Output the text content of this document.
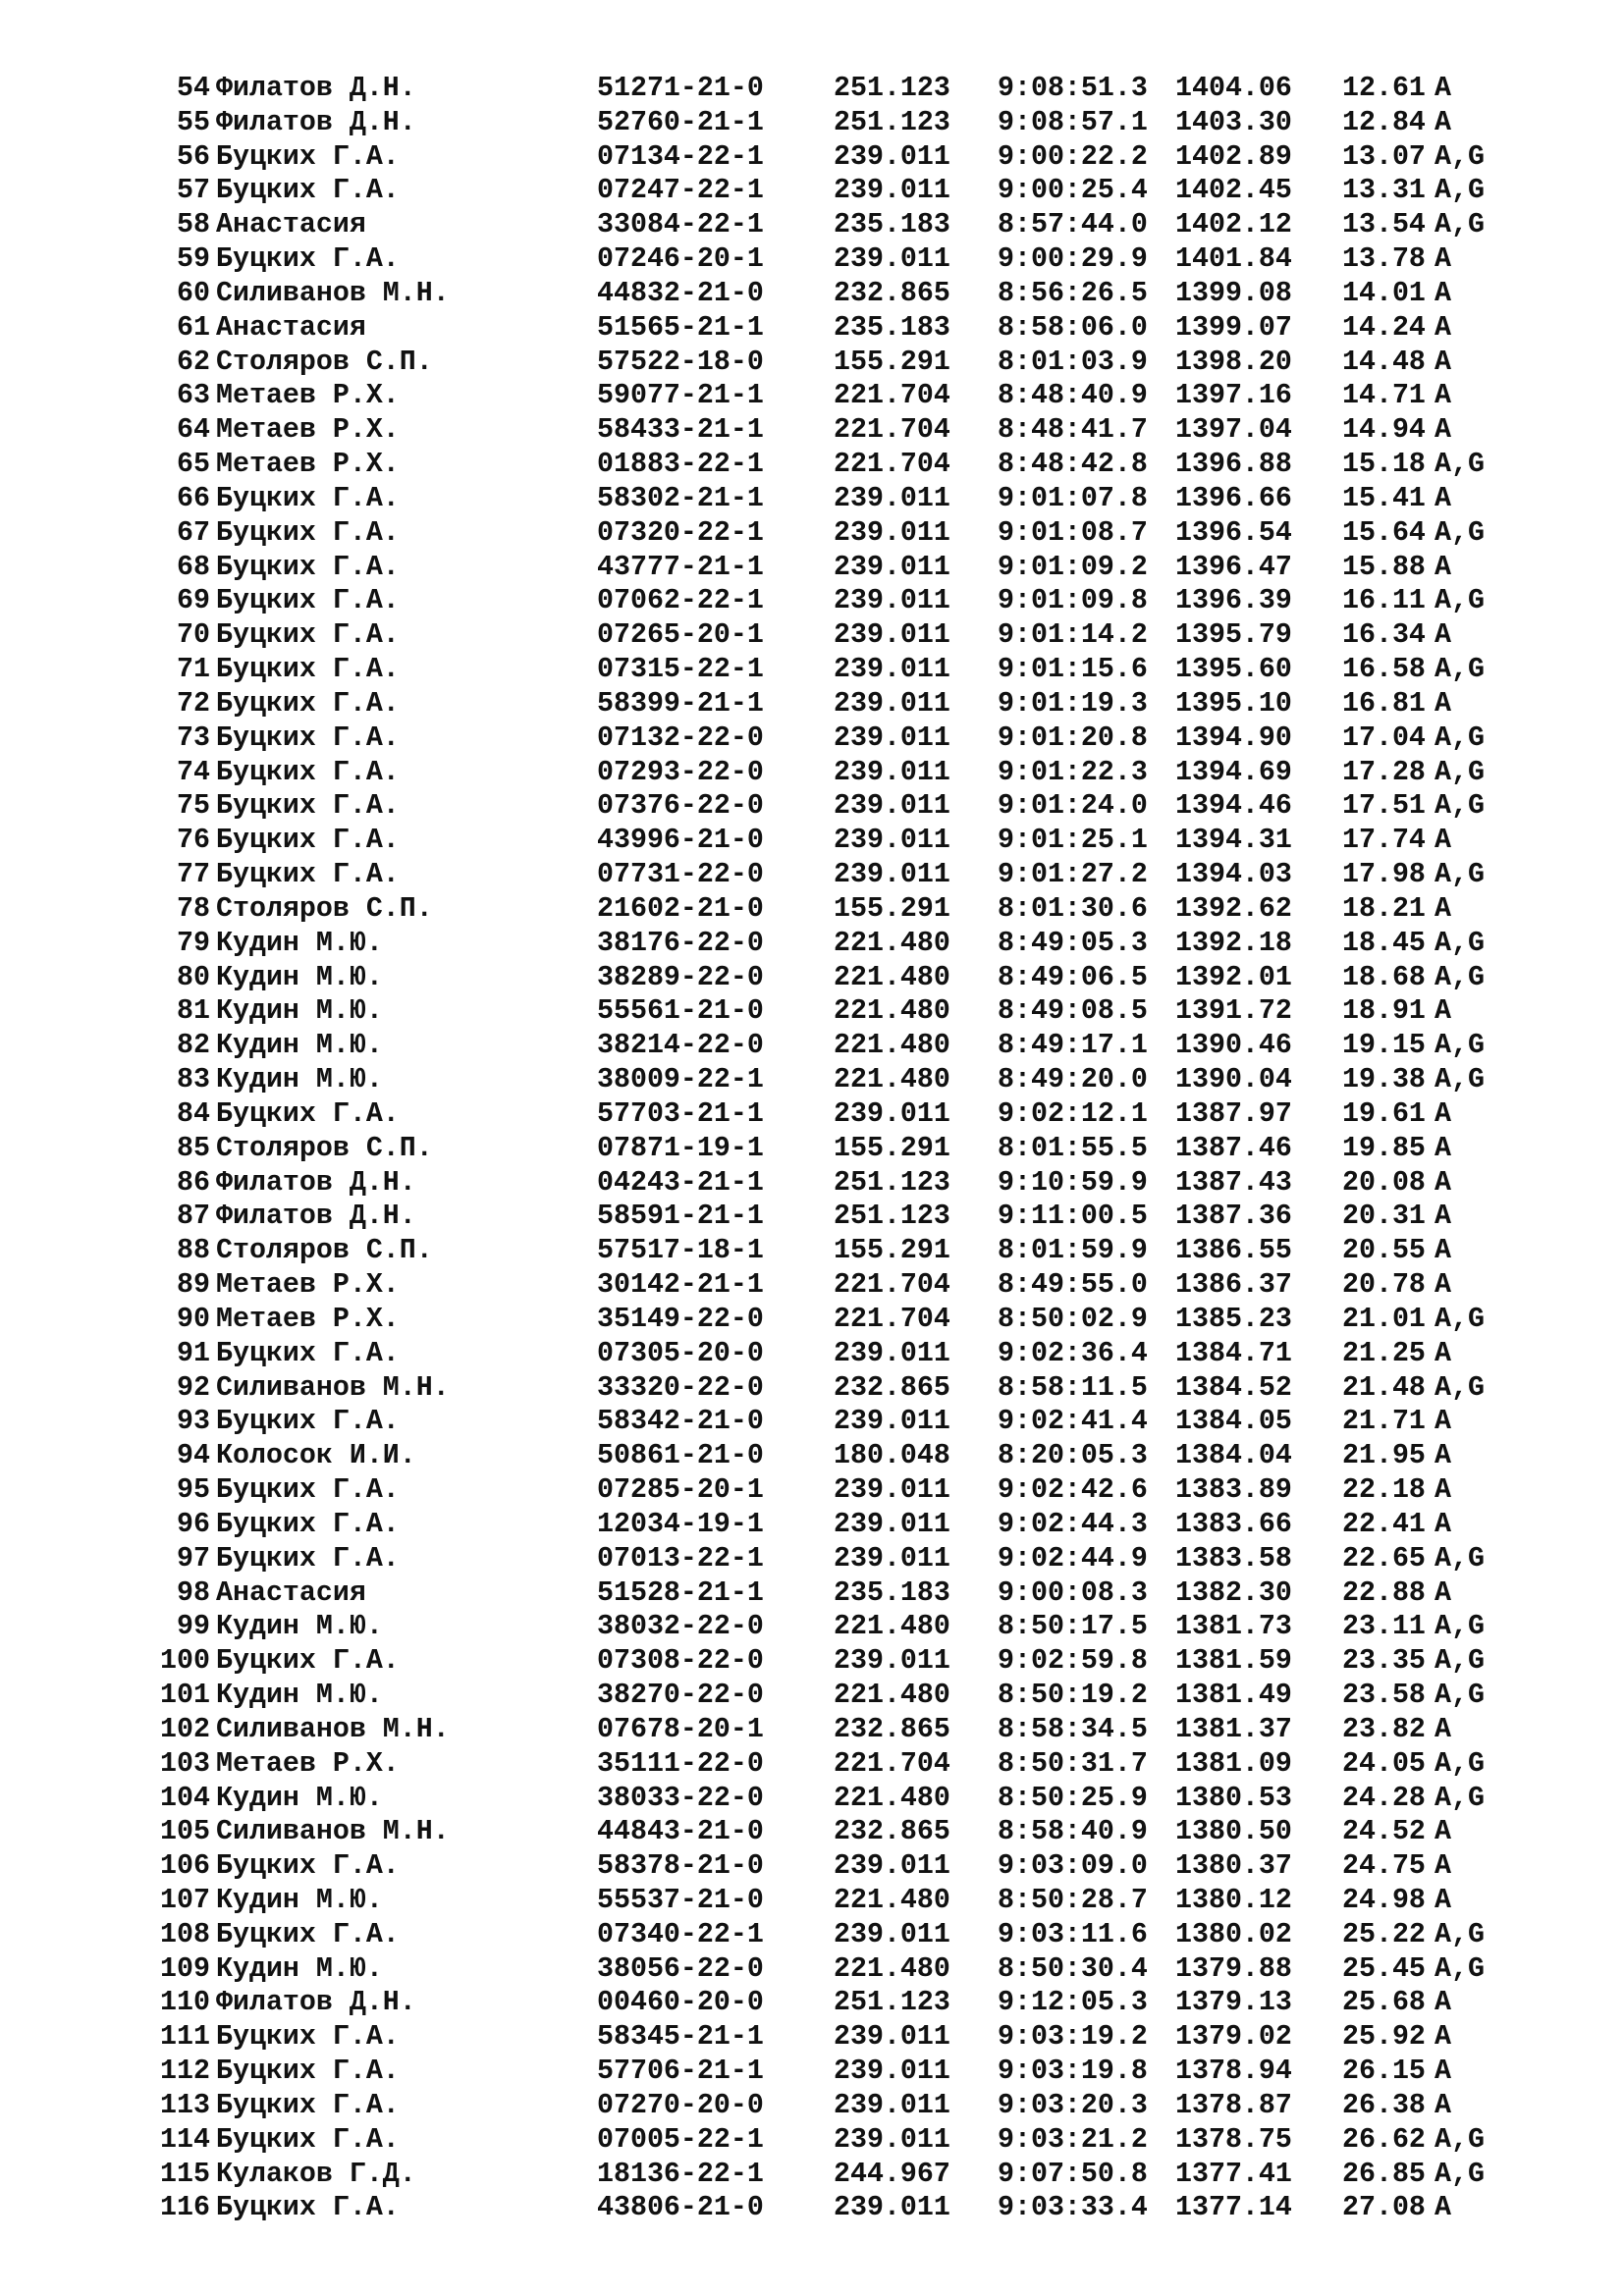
54 Филатов Д.Н.	51271-21-0	251.123 9:08:51.3 1404.06 12.61 A
55 Филатов Д.Н.	52760-21-1	251.123 9:08:57.1 1403.30 12.84 A
56 Буцких Г.А.	07134-22-1	239.011 9:00:22.2 1402.89 13.07 A,G
57 Буцких Г.А.	07247-22-1	239.011 9:00:25.4 1402.45 13.31 A,G
58 Анастасия	33084-22-1	235.183 8:57:44.0 1402.12 13.54 A,G
59 Буцких Г.А.	07246-20-1	239.011 9:00:29.9 1401.84 13.78 A
60 Силиванов М.Н.	44832-21-0	232.865 8:56:26.5 1399.08 14.01 A
61 Анастасия	51565-21-1	235.183 8:58:06.0 1399.07 14.24 A
62 Столяров С.П.	57522-18-0	155.291 8:01:03.9 1398.20 14.48 A
63 Метаев Р.Х.	59077-21-1	221.704 8:48:40.9 1397.16 14.71 A
64 Метаев Р.Х.	58433-21-1	221.704 8:48:41.7 1397.04 14.94 A
65 Метаев Р.Х.	01883-22-1	221.704 8:48:42.8 1396.88 15.18 A,G
66 Буцких Г.А.	58302-21-1	239.011 9:01:07.8 1396.66 15.41 A
67 Буцких Г.А.	07320-22-1	239.011 9:01:08.7 1396.54 15.64 A,G
68 Буцких Г.А.	43777-21-1	239.011 9:01:09.2 1396.47 15.88 A
69 Буцких Г.А.	07062-22-1	239.011 9:01:09.8 1396.39 16.11 A,G
70 Буцких Г.А.	07265-20-1	239.011 9:01:14.2 1395.79 16.34 A
71 Буцких Г.А.	07315-22-1	239.011 9:01:15.6 1395.60 16.58 A,G
72 Буцких Г.А.	58399-21-1	239.011 9:01:19.3 1395.10 16.81 A
73 Буцких Г.А.	07132-22-0	239.011 9:01:20.8 1394.90 17.04 A,G
74 Буцких Г.А.	07293-22-0	239.011 9:01:22.3 1394.69 17.28 A,G
75 Буцких Г.А.	07376-22-0	239.011 9:01:24.0 1394.46 17.51 A,G
76 Буцких Г.А.	43996-21-0	239.011 9:01:25.1 1394.31 17.74 A
77 Буцких Г.А.	07731-22-0	239.011 9:01:27.2 1394.03 17.98 A,G
78 Столяров С.П.	21602-21-0	155.291 8:01:30.6 1392.62 18.21 A
79 Кудин М.Ю.	38176-22-0	221.480 8:49:05.3 1392.18 18.45 A,G
80 Кудин М.Ю.	38289-22-0	221.480 8:49:06.5 1392.01 18.68 A,G
81 Кудин М.Ю.	55561-21-0	221.480 8:49:08.5 1391.72 18.91 A
82 Кудин М.Ю.	38214-22-0	221.480 8:49:17.1 1390.46 19.15 A,G
83 Кудин М.Ю.	38009-22-1	221.480 8:49:20.0 1390.04 19.38 A,G
84 Буцких Г.А.	57703-21-1	239.011 9:02:12.1 1387.97 19.61 A
85 Столяров С.П.	07871-19-1	155.291 8:01:55.5 1387.46 19.85 A
86 Филатов Д.Н.	04243-21-1	251.123 9:10:59.9 1387.43 20.08 A
87 Филатов Д.Н.	58591-21-1	251.123 9:11:00.5 1387.36 20.31 A
88 Столяров С.П.	57517-18-1	155.291 8:01:59.9 1386.55 20.55 A
89 Метаев Р.Х.	30142-21-1	221.704 8:49:55.0 1386.37 20.78 A
90 Метаев Р.Х.	35149-22-0	221.704 8:50:02.9 1385.23 21.01 A,G
91 Буцких Г.А.	07305-20-0	239.011 9:02:36.4 1384.71 21.25 A
92 Силиванов М.Н.	33320-22-0	232.865 8:58:11.5 1384.52 21.48 A,G
93 Буцких Г.А.	58342-21-0	239.011 9:02:41.4 1384.05 21.71 A
94 Колосок И.И.	50861-21-0	180.048 8:20:05.3 1384.04 21.95 A
95 Буцких Г.А.	07285-20-1	239.011 9:02:42.6 1383.89 22.18 A
96 Буцких Г.А.	12034-19-1	239.011 9:02:44.3 1383.66 22.41 A
97 Буцких Г.А.	07013-22-1	239.011 9:02:44.9 1383.58 22.65 A,G
98 Анастасия	51528-21-1	235.183 9:00:08.3 1382.30 22.88 A
99 Кудин М.Ю.	38032-22-0	221.480 8:50:17.5 1381.73 23.11 A,G
100 Буцких Г.А.	07308-22-0	239.011 9:02:59.8 1381.59 23.35 A,G
101 Кудин М.Ю.	38270-22-0	221.480 8:50:19.2 1381.49 23.58 A,G
102 Силиванов М.Н.	07678-20-1	232.865 8:58:34.5 1381.37 23.82 A
103 Метаев Р.Х.	35111-22-0	221.704 8:50:31.7 1381.09 24.05 A,G
104 Кудин М.Ю.	38033-22-0	221.480 8:50:25.9 1380.53 24.28 A,G
105 Силиванов М.Н.	44843-21-0	232.865 8:58:40.9 1380.50 24.52 A
106 Буцких Г.А.	58378-21-0	239.011 9:03:09.0 1380.37 24.75 A
107 Кудин М.Ю.	55537-21-0	221.480 8:50:28.7 1380.12 24.98 A
108 Буцких Г.А.	07340-22-1	239.011 9:03:11.6 1380.02 25.22 A,G
109 Кудин М.Ю.	38056-22-0	221.480 8:50:30.4 1379.88 25.45 A,G
110 Филатов Д.Н.	00460-20-0	251.123 9:12:05.3 1379.13 25.68 A
111 Буцких Г.А.	58345-21-1	239.011 9:03:19.2 1379.02 25.92 A
112 Буцких Г.А.	57706-21-1	239.011 9:03:19.8 1378.94 26.15 A
113 Буцких Г.А.	07270-20-0	239.011 9:03:20.3 1378.87 26.38 A
114 Буцких Г.А.	07005-22-1	239.011 9:03:21.2 1378.75 26.62 A,G
115 Кулаков Г.Д.	18136-22-1	244.967 9:07:50.8 1377.41 26.85 A,G
116 Буцких Г.А.	43806-21-0	239.011 9:03:33.4 1377.14 27.08 A
